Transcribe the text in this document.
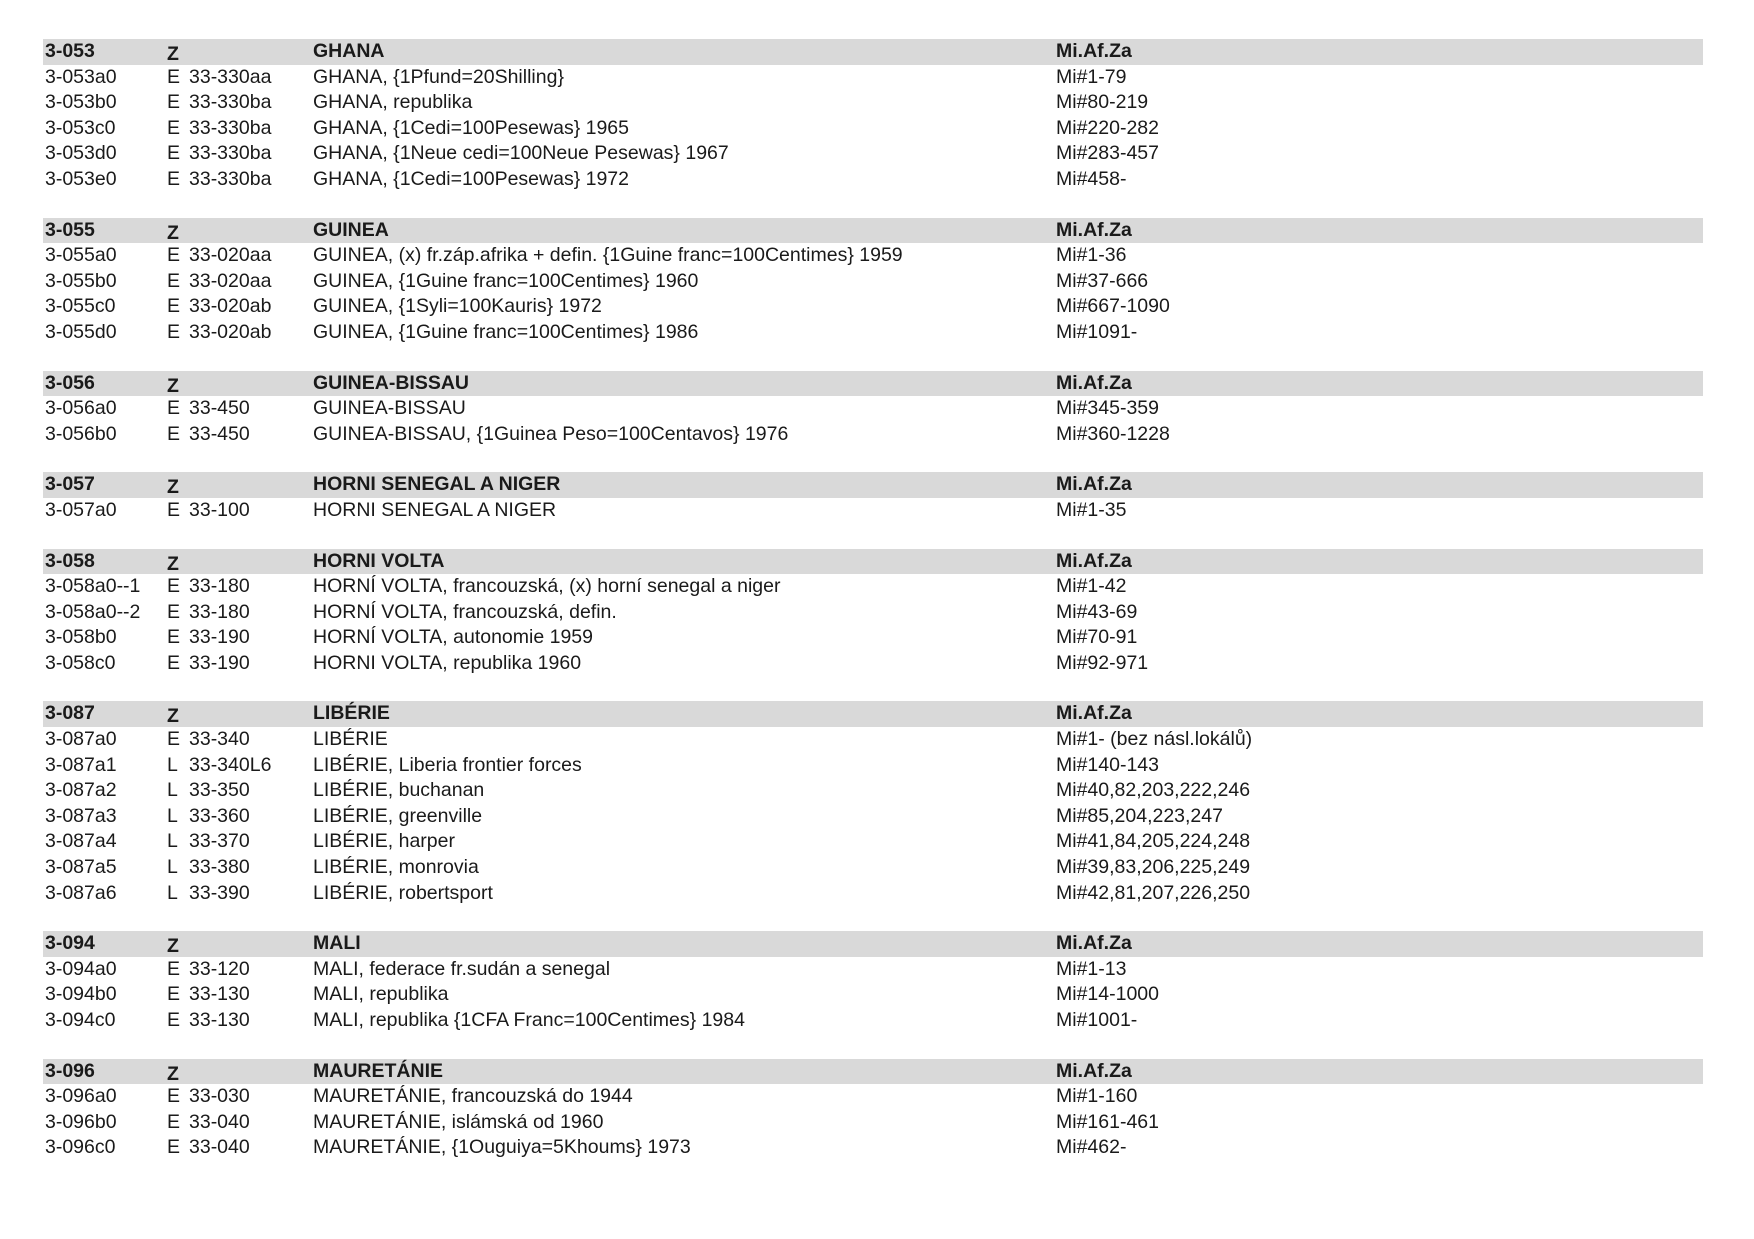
3-053	Z	GHANA	Mi.Af.Za
3-053a0	E 33-330aa	GHANA, {1Pfund=20Shilling}	Mi#1-79
3-053b0	E 33-330ba	GHANA, republika	Mi#80-219
3-053c0	E 33-330ba	GHANA, {1Cedi=100Pesewas} 1965	Mi#220-282
3-053d0	E 33-330ba	GHANA, {1Neue cedi=100Neue Pesewas} 1967	Mi#283-457
3-053e0	E 33-330ba	GHANA, {1Cedi=100Pesewas} 1972	Mi#458-
3-055	Z	GUINEA	Mi.Af.Za
3-055a0	E 33-020aa	GUINEA, (x) fr.záp.afrika + defin. {1Guine franc=100Centimes} 1959	Mi#1-36
3-055b0	E 33-020aa	GUINEA, {1Guine franc=100Centimes} 1960	Mi#37-666
3-055c0	E 33-020ab	GUINEA, {1Syli=100Kauris} 1972	Mi#667-1090
3-055d0	E 33-020ab	GUINEA, {1Guine franc=100Centimes} 1986	Mi#1091-
3-056	Z	GUINEA-BISSAU	Mi.Af.Za
3-056a0	E 33-450	GUINEA-BISSAU	Mi#345-359
3-056b0	E 33-450	GUINEA-BISSAU, {1Guinea Peso=100Centavos} 1976	Mi#360-1228
3-057	Z	HORNI SENEGAL A NIGER	Mi.Af.Za
3-057a0	E 33-100	HORNI SENEGAL A NIGER	Mi#1-35
3-058	Z	HORNI VOLTA	Mi.Af.Za
3-058a0--1	E 33-180	HORNÍ VOLTA, francouzská, (x) horní senegal a niger	Mi#1-42
3-058a0--2	E 33-180	HORNÍ VOLTA, francouzská, defin.	Mi#43-69
3-058b0	E 33-190	HORNÍ VOLTA, autonomie 1959	Mi#70-91
3-058c0	E 33-190	HORNI VOLTA, republika 1960	Mi#92-971
3-087	Z	LIBÉRIE	Mi.Af.Za
3-087a0	E 33-340	LIBÉRIE	Mi#1- (bez násl.lokálů)
3-087a1	L 33-340L6	LIBÉRIE, Liberia frontier forces	Mi#140-143
3-087a2	L 33-350	LIBÉRIE, buchanan	Mi#40,82,203,222,246
3-087a3	L 33-360	LIBÉRIE, greenville	Mi#85,204,223,247
3-087a4	L 33-370	LIBÉRIE, harper	Mi#41,84,205,224,248
3-087a5	L 33-380	LIBÉRIE, monrovia	Mi#39,83,206,225,249
3-087a6	L 33-390	LIBÉRIE, robertsport	Mi#42,81,207,226,250
3-094	Z	MALI	Mi.Af.Za
3-094a0	E 33-120	MALI, federace fr.sudán a senegal	Mi#1-13
3-094b0	E 33-130	MALI, republika	Mi#14-1000
3-094c0	E 33-130	MALI, republika {1CFA Franc=100Centimes} 1984	Mi#1001-
3-096	Z	MAURETÁNIE	Mi.Af.Za
3-096a0	E 33-030	MAURETÁNIE, francouzská do 1944	Mi#1-160
3-096b0	E 33-040	MAURETÁNIE, islámská od 1960	Mi#161-461
3-096c0	E 33-040	MAURETÁNIE, {1Ouguiya=5Khoums} 1973	Mi#462-
